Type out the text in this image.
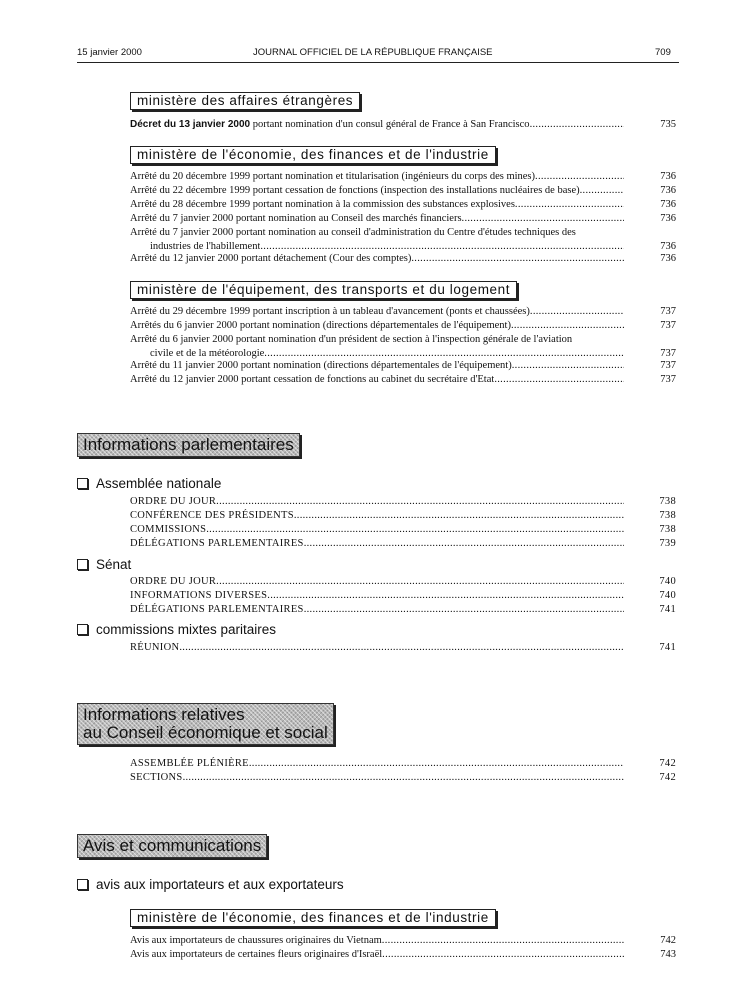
15 janvier 2000	JOURNAL OFFICIEL DE LA RÉPUBLIQUE FRANÇAISE	709
ministère des affaires étrangères
Décret du 13 janvier 2000 portant nomination d'un consul général de France à San Francisco .....	735
ministère de l'économie, des finances et de l'industrie
Arrêté du 20 décembre 1999 portant nomination et titularisation (ingénieurs du corps des mines) .....	736
Arrêté du 22 décembre 1999 portant cessation de fonctions (inspection des installations nucléaires de base) .....	736
Arrêté du 28 décembre 1999 portant nomination à la commission des substances explosives .....	736
Arrêté du 7 janvier 2000 portant nomination au Conseil des marchés financiers .....	736
Arrêté du 7 janvier 2000 portant nomination au conseil d'administration du Centre d'études techniques des
industries de l'habillement .....	736
Arrêté du 12 janvier 2000 portant détachement (Cour des comptes) .....	736
ministère de l'équipement, des transports et du logement
Arrêté du 29 décembre 1999 portant inscription à un tableau d'avancement (ponts et chaussées) .....	737
Arrêtés du 6 janvier 2000 portant nomination (directions départementales de l'équipement) .....	737
Arrêté du 6 janvier 2000 portant nomination d'un président de section à l'inspection générale de l'aviation
civile et de la météorologie .....	737
Arrêté du 11 janvier 2000 portant nomination (directions départementales de l'équipement) .....	737
Arrêté du 12 janvier 2000 portant cessation de fonctions au cabinet du secrétaire d'Etat .....	737
Informations parlementaires
Assemblée nationale
ORDRE DU JOUR .....	738
CONFÉRENCE DES PRÉSIDENTS .....	738
COMMISSIONS .....	738
DÉLÉGATIONS PARLEMENTAIRES .....	739
Sénat
ORDRE DU JOUR .....	740
INFORMATIONS DIVERSES .....	740
DÉLÉGATIONS PARLEMENTAIRES .....	741
commissions mixtes paritaires
RÉUNION .....	741
Informations relatives
au Conseil économique et social
ASSEMBLÉE PLÉNIÈRE .....	742
SECTIONS .....	742
Avis et communications
avis aux importateurs et aux exportateurs
ministère de l'économie, des finances et de l'industrie
Avis aux importateurs de chaussures originaires du Vietnam .....	742
Avis aux importateurs de certaines fleurs originaires d'Israël .....	743
